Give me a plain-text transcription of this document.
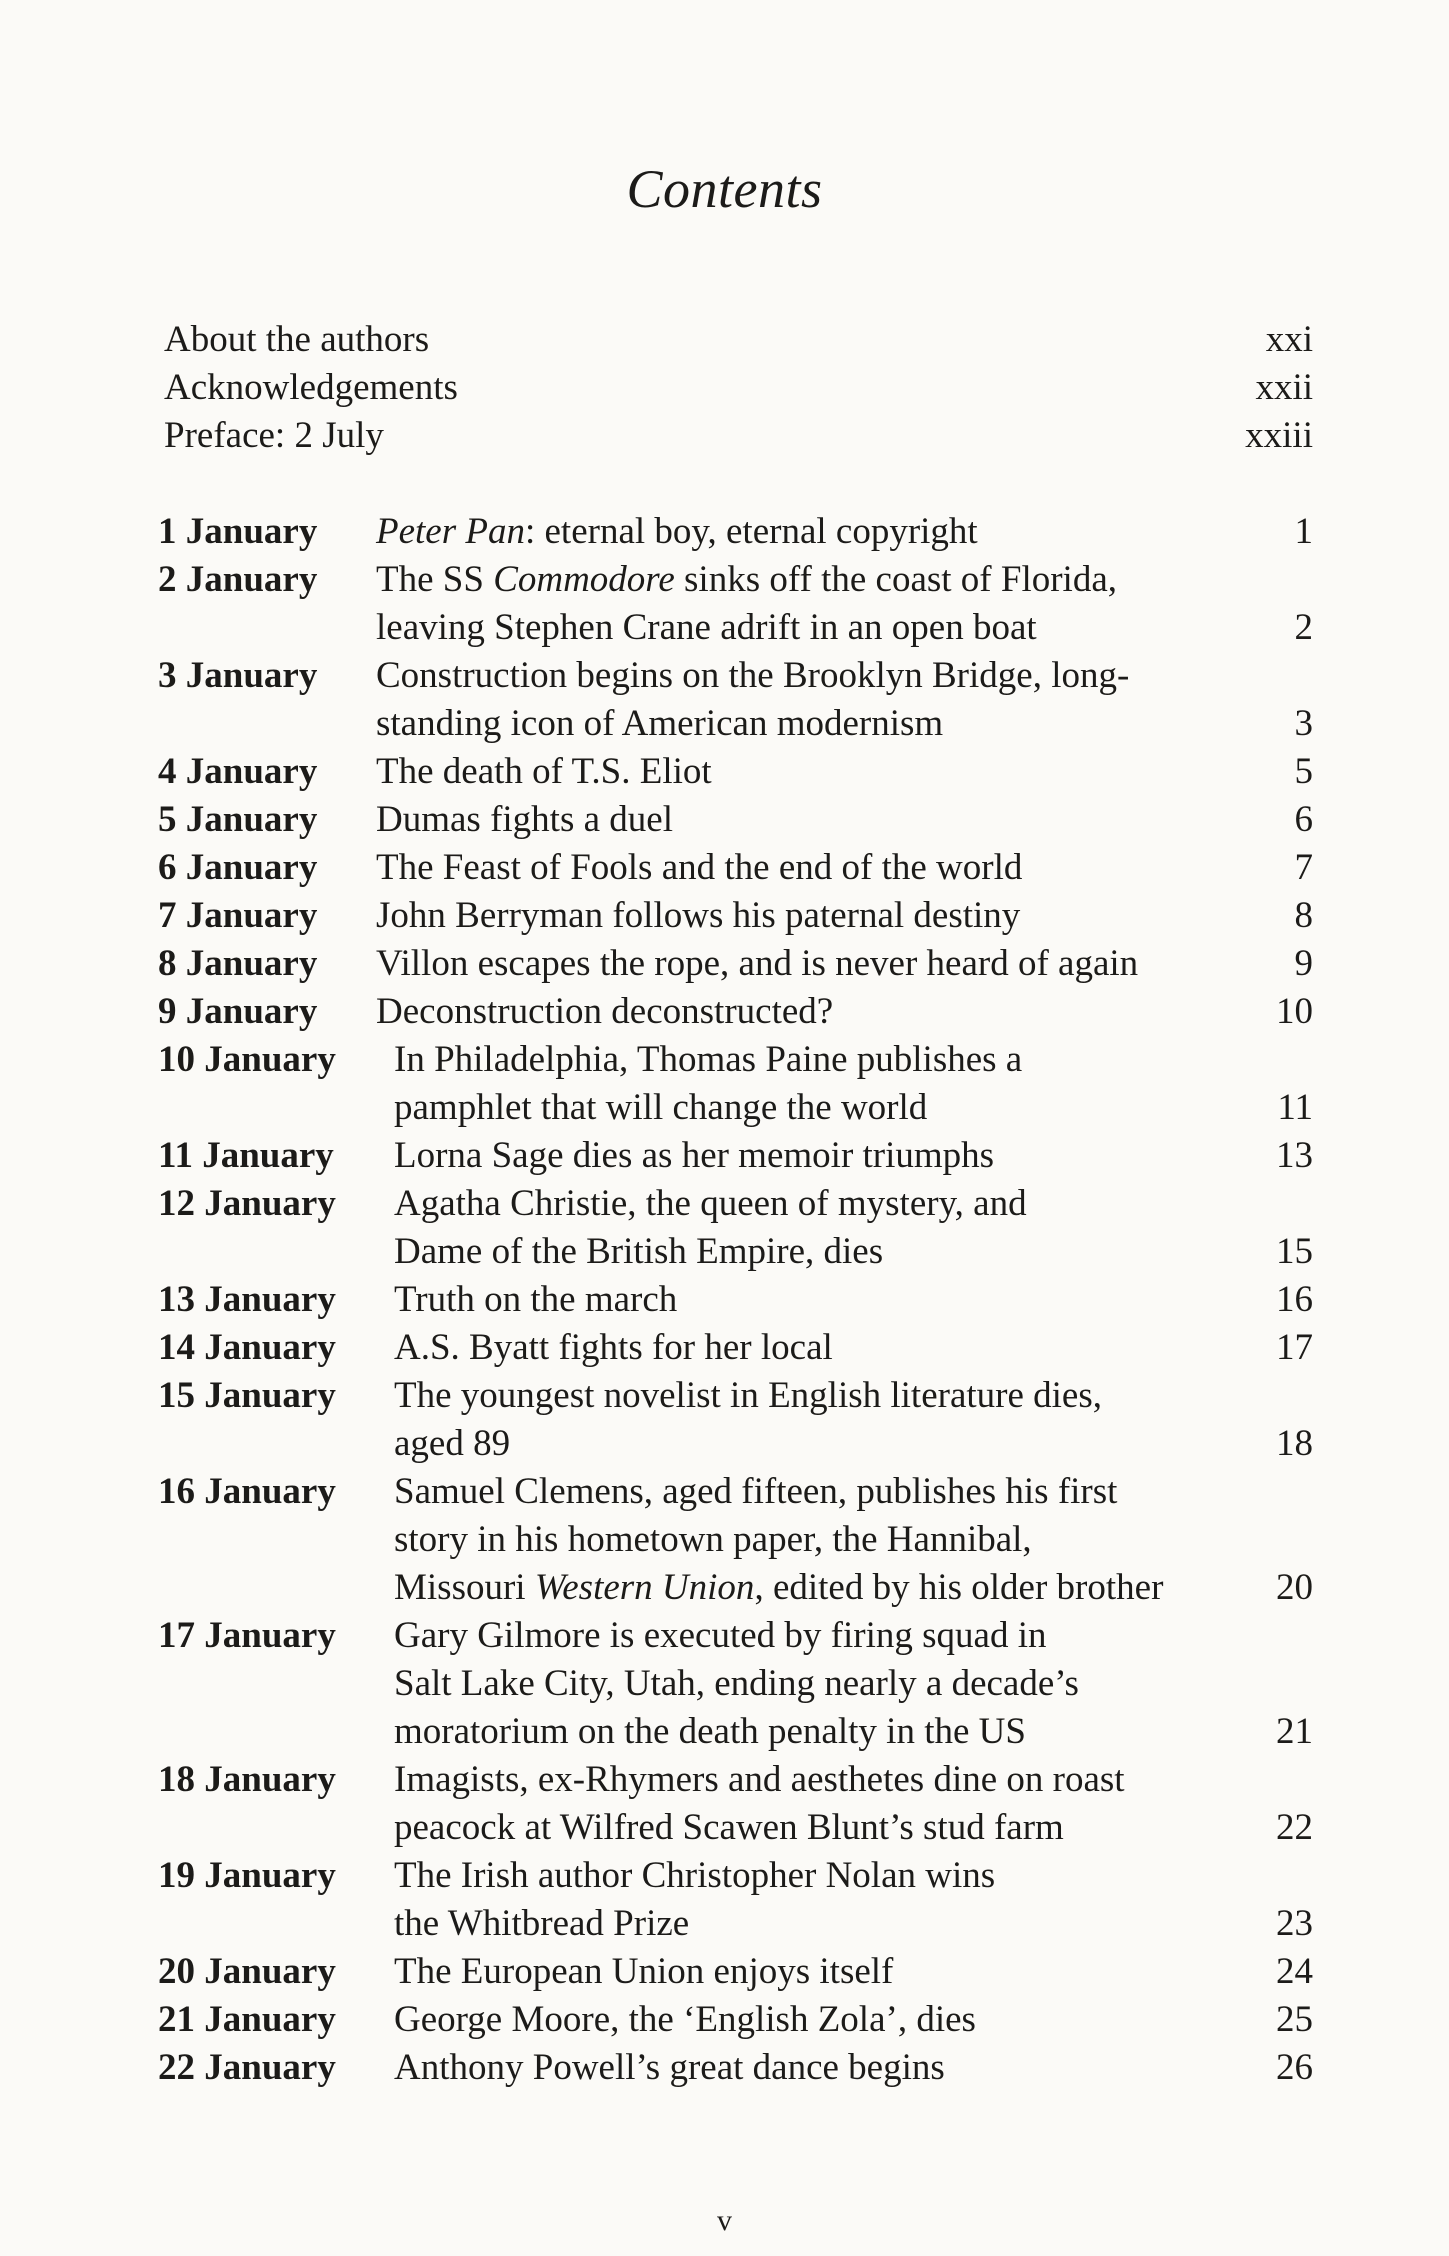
Contents
About the authors	xxi
Acknowledgements	xxii
Preface: 2 July	xxiii
1 January	Peter Pan: eternal boy, eternal copyright	1
2 January	The SS Commodore sinks off the coast of Florida,
leaving Stephen Crane adrift in an open boat	2
3 January	Construction begins on the Brooklyn Bridge, long-
standing icon of American modernism	3
4 January	The death of T.S. Eliot	5
5 January	Dumas fights a duel	6
6 January	The Feast of Fools and the end of the world	7
7 January	John Berryman follows his paternal destiny	8
8 January	Villon escapes the rope, and is never heard of again	9
9 January	Deconstruction deconstructed?	10
10 January	In Philadelphia, Thomas Paine publishes a
pamphlet that will change the world	11
11 January	Lorna Sage dies as her memoir triumphs	13
12 January	Agatha Christie, the queen of mystery, and
Dame of the British Empire, dies	15
13 January	Truth on the march	16
14 January	A.S. Byatt fights for her local	17
15 January	The youngest novelist in English literature dies,
aged 89	18
16 January	Samuel Clemens, aged fifteen, publishes his first
story in his hometown paper, the Hannibal,
Missouri Western Union, edited by his older brother	20
17 January	Gary Gilmore is executed by firing squad in
Salt Lake City, Utah, ending nearly a decade’s
moratorium on the death penalty in the US	21
18 January	Imagists, ex-Rhymers and aesthetes dine on roast
peacock at Wilfred Scawen Blunt’s stud farm	22
19 January	The Irish author Christopher Nolan wins
the Whitbread Prize	23
20 January	The European Union enjoys itself	24
21 January	George Moore, the ‘English Zola’, dies	25
22 January	Anthony Powell’s great dance begins	26
v
